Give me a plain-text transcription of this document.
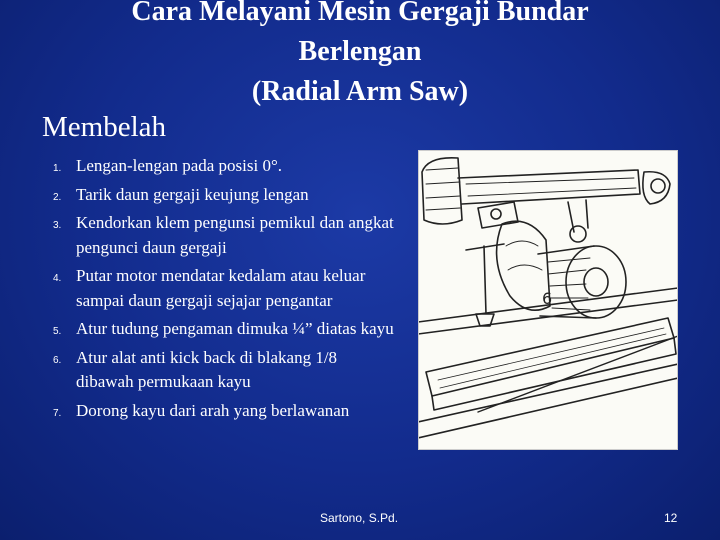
Cara Melayani Mesin Gergaji Bundar
Berlengan
(Radial Arm Saw)
Membelah
1. Lengan-lengan pada posisi 0°.
2. Tarik daun gergaji keujung lengan
3. Kendorkan klem pengunsi pemikul dan angkat pengunci daun gergaji
4. Putar motor mendatar kedalam atau keluar sampai daun gergaji sejajar pengantar
5. Atur tudung pengaman dimuka ¼” diatas kayu
6. Atur alat anti kick back di blakang 1/8 dibawah permukaan kayu
7. Dorong kayu dari arah yang berlawanan
6
Sartono, S.Pd.	12
